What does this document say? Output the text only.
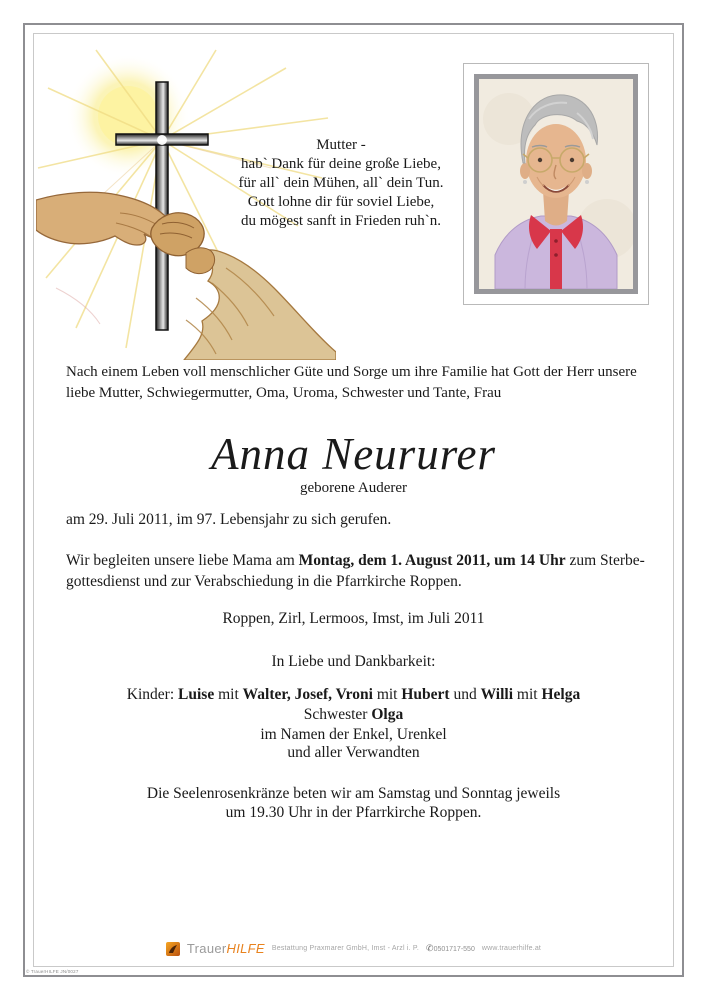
Mutter -
hab` Dank für deine große Liebe,
für all` dein Mühen, all` dein Tun.
Gott lohne dir für soviel Liebe,
du mögest sanft in Frieden ruh`n.
Nach einem Leben voll menschlicher Güte und Sorge um ihre Familie hat Gott der Herr unsere
liebe Mutter, Schwiegermutter, Oma, Uroma, Schwester und Tante, Frau
Anna Neururer
geborene Auderer
am 29. Juli 2011, im 97. Lebensjahr zu sich gerufen.
Wir begleiten unsere liebe Mama am Montag, dem 1. August 2011, um 14 Uhr zum Sterbe-
gottesdienst und zur Verabschiedung in die Pfarrkirche Roppen.
Roppen, Zirl, Lermoos, Imst, im Juli 2011
In Liebe und Dankbarkeit:
Kinder: Luise mit Walter, Josef, Vroni mit Hubert und Willi mit Helga
Schwester Olga
im Namen der Enkel, Urenkel
und aller Verwandten
Die Seelenrosenkränze beten wir am Samstag und Sonntag jeweils
um 19.30 Uhr in der Pfarrkirche Roppen.
TrauerHILFE Bestattung Praxmarer GmbH, Imst - Arzl i. P. ✆0501717-550 www.trauerhilfe.at
© TrauerHILFE JN/0027
